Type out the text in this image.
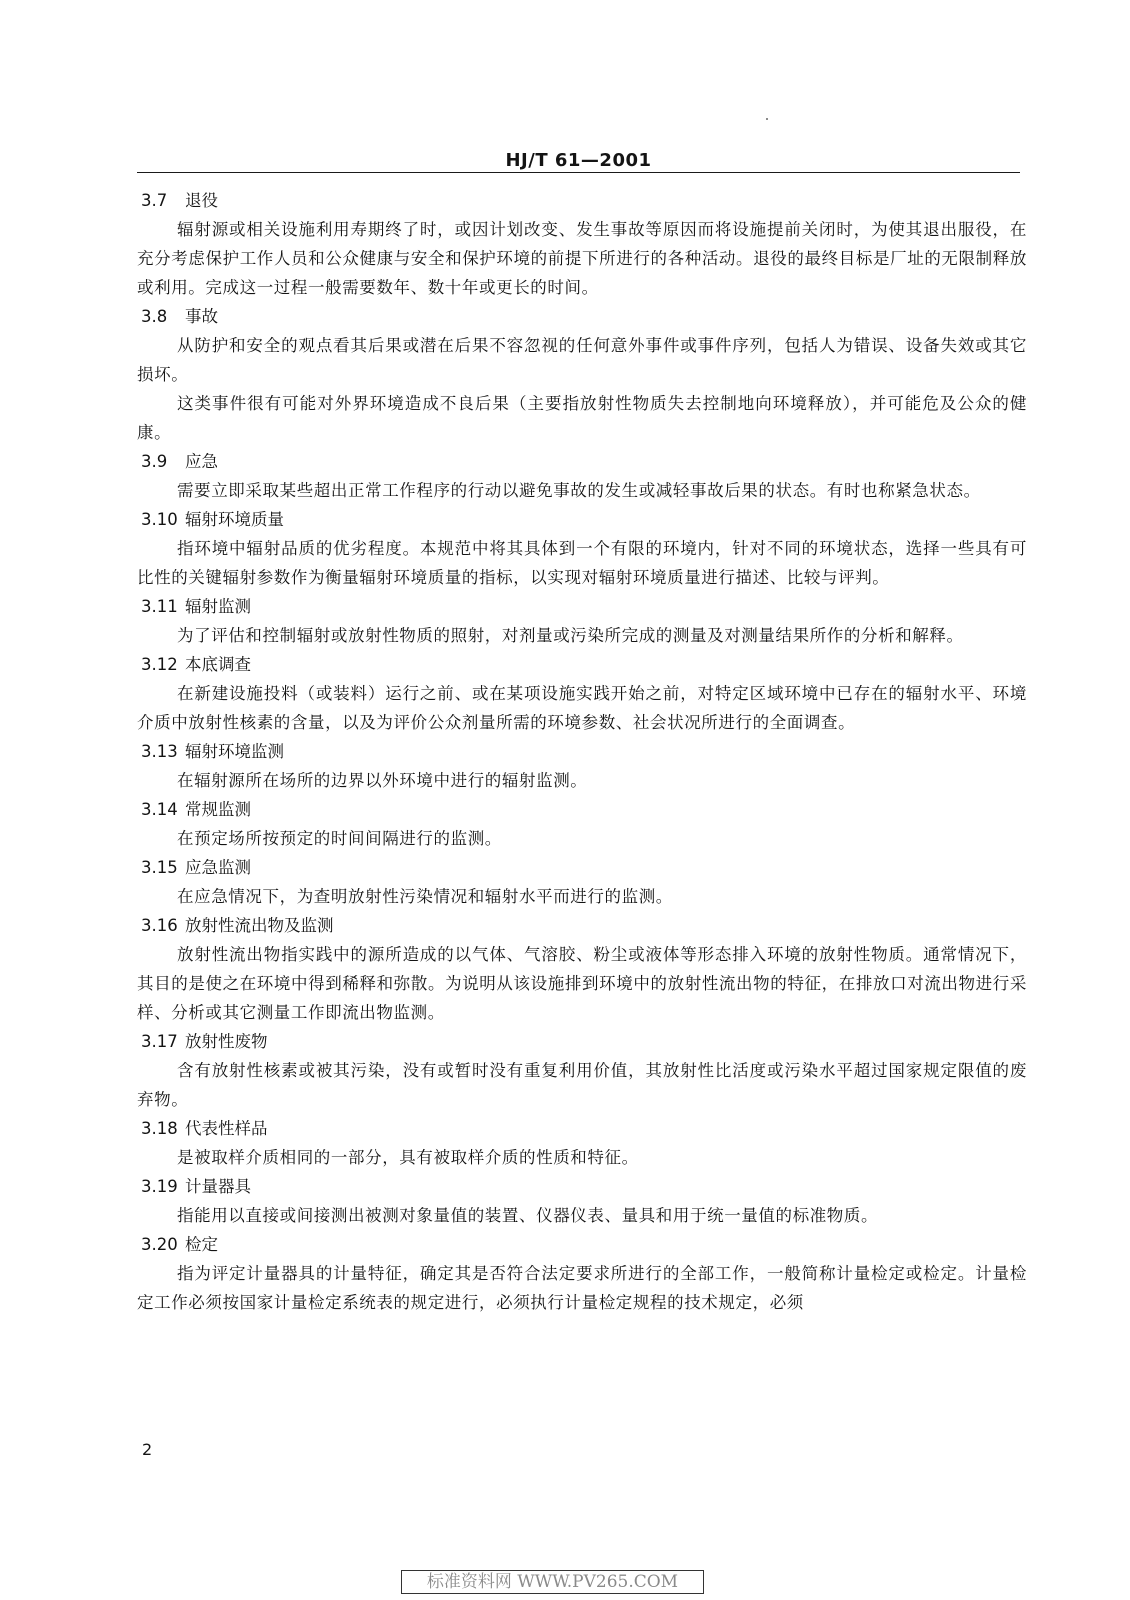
HJ/T 61—2001
3.7 退役

辐射源或相关设施利用寿期终了时，或因计划改变、发生事故等原因而将设施提前关闭时，为使其退出服役，在充分考虑保护工作人员和公众健康与安全和保护环境的前提下所进行的各种活动。退役的最终目标是厂址的无限制释放或利用。完成这一过程一般需要数年、数十年或更长的时间。

3.8 事故

从防护和安全的观点看其后果或潜在后果不容忽视的任何意外事件或事件序列，包括人为错误、设备失效或其它损坏。

这类事件很有可能对外界环境造成不良后果（主要指放射性物质失去控制地向环境释放），并可能危及公众的健康。

3.9 应急

需要立即采取某些超出正常工作程序的行动以避免事故的发生或减轻事故后果的状态。有时也称紧急状态。

3.10 辐射环境质量

指环境中辐射品质的优劣程度。本规范中将其具体到一个有限的环境内，针对不同的环境状态，选择一些具有可比性的关键辐射参数作为衡量辐射环境质量的指标，以实现对辐射环境质量进行描述、比较与评判。

3.11 辐射监测

为了评估和控制辐射或放射性物质的照射，对剂量或污染所完成的测量及对测量结果所作的分析和解释。

3.12 本底调查

在新建设施投料（或装料）运行之前、或在某项设施实践开始之前，对特定区域环境中已存在的辐射水平、环境介质中放射性核素的含量，以及为评价公众剂量所需的环境参数、社会状况所进行的全面调查。

3.13 辐射环境监测

在辐射源所在场所的边界以外环境中进行的辐射监测。

3.14 常规监测

在预定场所按预定的时间间隔进行的监测。

3.15 应急监测

在应急情况下，为查明放射性污染情况和辐射水平而进行的监测。

3.16 放射性流出物及监测

放射性流出物指实践中的源所造成的以气体、气溶胶、粉尘或液体等形态排入环境的放射性物质。通常情况下，其目的是使之在环境中得到稀释和弥散。为说明从该设施排到环境中的放射性流出物的特征，在排放口对流出物进行采样、分析或其它测量工作即流出物监测。

3.17 放射性废物

含有放射性核素或被其污染，没有或暂时没有重复利用价值，其放射性比活度或污染水平超过国家规定限值的废弃物。

3.18 代表性样品

是被取样介质相同的一部分，具有被取样介质的性质和特征。

3.19 计量器具

指能用以直接或间接测出被测对象量值的装置、仪器仪表、量具和用于统一量值的标准物质。

3.20 检定

指为评定计量器具的计量特征，确定其是否符合法定要求所进行的全部工作，一般简称计量检定或检定。计量检定工作必须按国家计量检定系统表的规定进行，必须执行计量检定规程的技术规定，必须

2
标准资料网 WWW.PV265.COM
